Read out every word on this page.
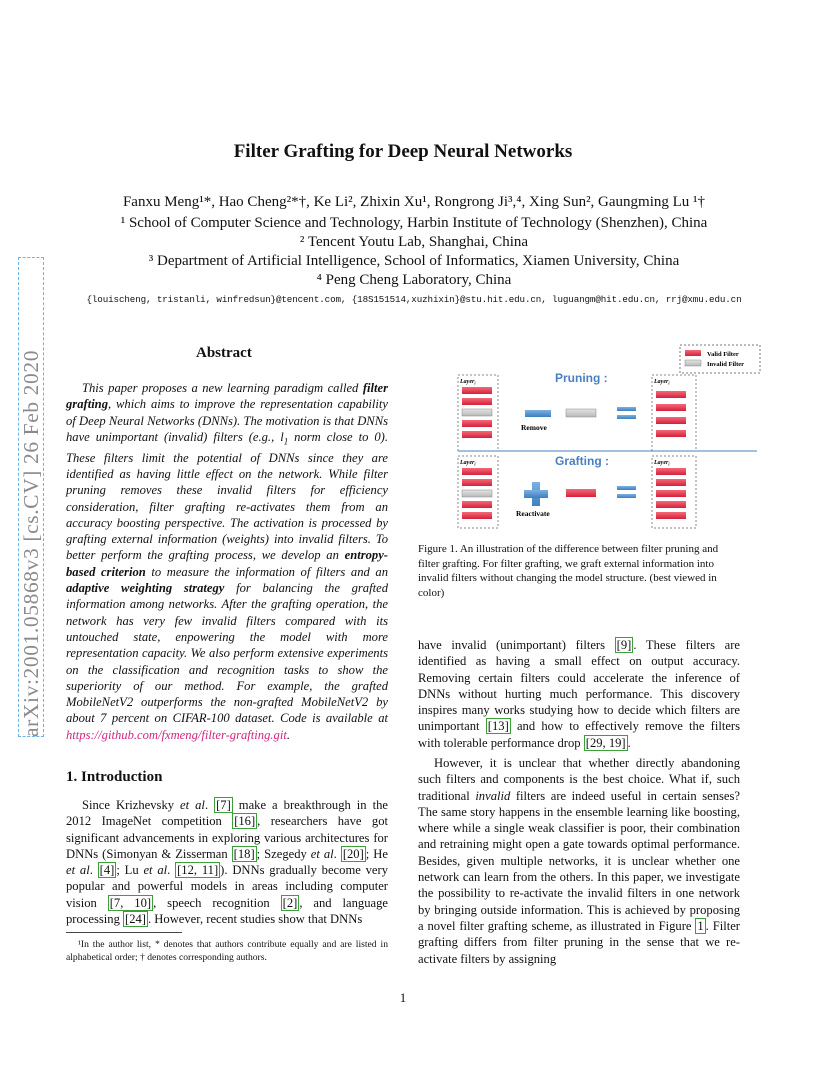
Filter Grafting for Deep Neural Networks
Fanxu Meng¹*, Hao Cheng²*†, Ke Li², Zhixin Xu¹, Rongrong Ji³,⁴, Xing Sun², Gaungming Lu ¹†
¹ School of Computer Science and Technology, Harbin Institute of Technology (Shenzhen), China
² Tencent Youtu Lab, Shanghai, China
³ Department of Artificial Intelligence, School of Informatics, Xiamen University, China
⁴ Peng Cheng Laboratory, China
{louischeng, tristanli, winfredsun}@tencent.com, {18S151514,xuzhixin}@stu.hit.edu.cn, luguangm@hit.edu.cn, rrj@xmu.edu.cn
arXiv:2001.05868v3 [cs.CV] 26 Feb 2020	Abstract
This paper proposes a new learning paradigm called filter grafting, which aims to improve the representation capability of Deep Neural Networks (DNNs). The motivation is that DNNs have unimportant (invalid) filters (e.g., $l_1$ norm close to 0). These filters limit the potential of DNNs since they are identified as having little effect on the network. While filter pruning removes these invalid filters for efficiency consideration, filter grafting re-activates them from an accuracy boosting perspective. The activation is processed by grafting external information (weights) into invalid filters. To better perform the grafting process, we develop an entropy-based criterion to measure the information of filters and an adaptive weighting strategy for balancing the grafted information among networks. After the grafting operation, the network has very few invalid filters compared with its untouched state, enpowering the model with more representation capacity. We also perform extensive experiments on the classification and recognition tasks to show the superiority of our method. For example, the grafted MobileNetV2 outperforms the non-grafted MobileNetV2 by about 7 percent on CIFAR-100 dataset. Code is available at https://github.com/fxmeng/filter-grafting.git.
1. Introduction
Since Krizhevsky et al. [7] make a breakthrough in the 2012 ImageNet competition [16] , researchers have got significant advancements in exploring various architectures for DNNs (Simonyan & Zisserman [18] ; Szegedy et al. [20] ; He et al. [4] ; Lu et al. [12, 11] ). DNNs gradually become very popular and powerful models in areas including computer vision [7, 10] , speech recognition [2] , and language processing [24] . However, recent studies show that DNNs
¹In the author list, * denotes that authors contribute equally and are listed in alphabetical order; † denotes corresponding authors.
1
Valid Filter
Invalid Filter
Pruning :
Layer$_i$
Remove
Layer$_i$
Grafting :
Layer$_i$
Reactivate
Layer$_i$
Figure 1. An illustration of the difference between filter pruning and filter grafting. For filter grafting, we graft external information into invalid filters without changing the model structure. (best viewed in color)
have invalid (unimportant) filters [9] . These filters are identified as having a small effect on output accuracy. Removing certain filters could accelerate the inference of DNNs without hurting much performance. This discovery inspires many works studying how to decide which filters are unimportant [13] and how to effectively remove the filters with tolerable performance drop [29, 19] .
However, it is unclear that whether directly abandoning such filters and components is the best choice. What if, such traditional invalid filters are indeed useful in certain senses? The same story happens in the ensemble learning like boosting, where while a single weak classifier is poor, their combination and retraining might open a gate towards optimal performance. Besides, given multiple networks, it is unclear whether one network can learn from the others. In this paper, we investigate the possibility to re-activate the invalid filters in one network by bringing outside information. This is achieved by proposing a novel filter grafting scheme, as illustrated in Figure 1 . Filter grafting differs from filter pruning in the sense that we re-activate filters by assigning
